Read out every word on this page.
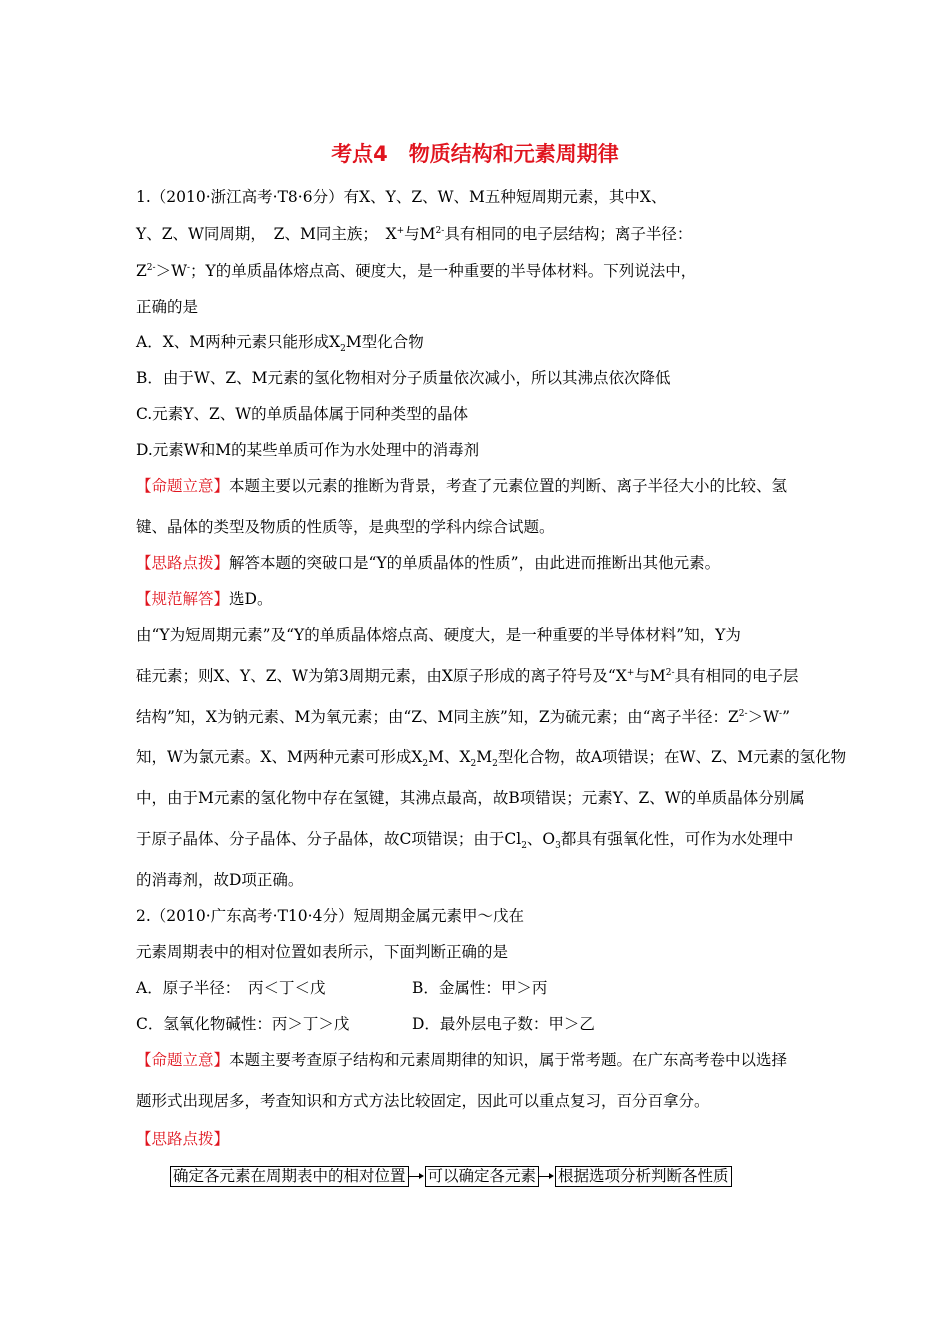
考点4　物质结构和元素周期律
1.（2010·浙江高考·T8·6分）有X、Y、Z、W、M五种短周期元素，其中X、
Y、Z、W同周期，　Z、M同主族；　X+与$M^{2-}$具有相同的电子层结构；离子半径：
$Z^{2-}>W^-$；Y的单质晶体熔点高、硬度大，是一种重要的半导体材料。下列说法中，
正确的是
A．X、M两种元素只能形成$X_2M$型化合物
B．由于W、Z、M元素的氢化物相对分子质量依次减小，所以其沸点依次降低
C.元素Y、Z、W的单质晶体属于同种类型的晶体
D.元素W和M的某些单质可作为水处理中的消毒剂
【命题立意】本题主要以元素的推断为背景，考查了元素位置的判断、离子半径大小的比较、氢
键、晶体的类型及物质的性质等，是典型的学科内综合试题。
【思路点拨】解答本题的突破口是“Y的单质晶体的性质”，由此进而推断出其他元素。
【规范解答】选D。
由“Y为短周期元素”及“Y的单质晶体熔点高、硬度大，是一种重要的半导体材料”知，Y为
硅元素；则X、Y、Z、W为第3周期元素，由X原子形成的离子符号及“X+与$M^{2-}$具有相同的电子层
结构”知，X为钠元素、M为氧元素；由“Z、M同主族”知，Z为硫元素；由“离子半径：$Z^{2-}>W^-$”
知，W为氯元素。X、M两种元素可形成$X_2M$、$X_2M_2$型化合物，故A项错误；在W、Z、M元素的氢化物
中，由于M元素的氢化物中存在氢键，其沸点最高，故B项错误；元素Y、Z、W的单质晶体分别属
于原子晶体、分子晶体、分子晶体，故C项错误；由于$Cl_2$、$O_3$都具有强氧化性，可作为水处理中
的消毒剂，故D项正确。
2.（2010·广东高考·T10·4分）短周期金属元素甲～戊在
元素周期表中的相对位置如表所示，下面判断正确的是
A．原子半径：　丙＜丁＜戊	B．金属性：甲＞丙
C．氢氧化物碱性：丙＞丁＞戊	D．最外层电子数：甲＞乙
【命题立意】本题主要考查原子结构和元素周期律的知识，属于常考题。在广东高考卷中以选择
题形式出现居多，考查知识和方式方法比较固定，因此可以重点复习，百分百拿分。
【思路点拨】
确定各元素在周期表中的相对位置 可以确定各元素 根据选项分析判断各性质
